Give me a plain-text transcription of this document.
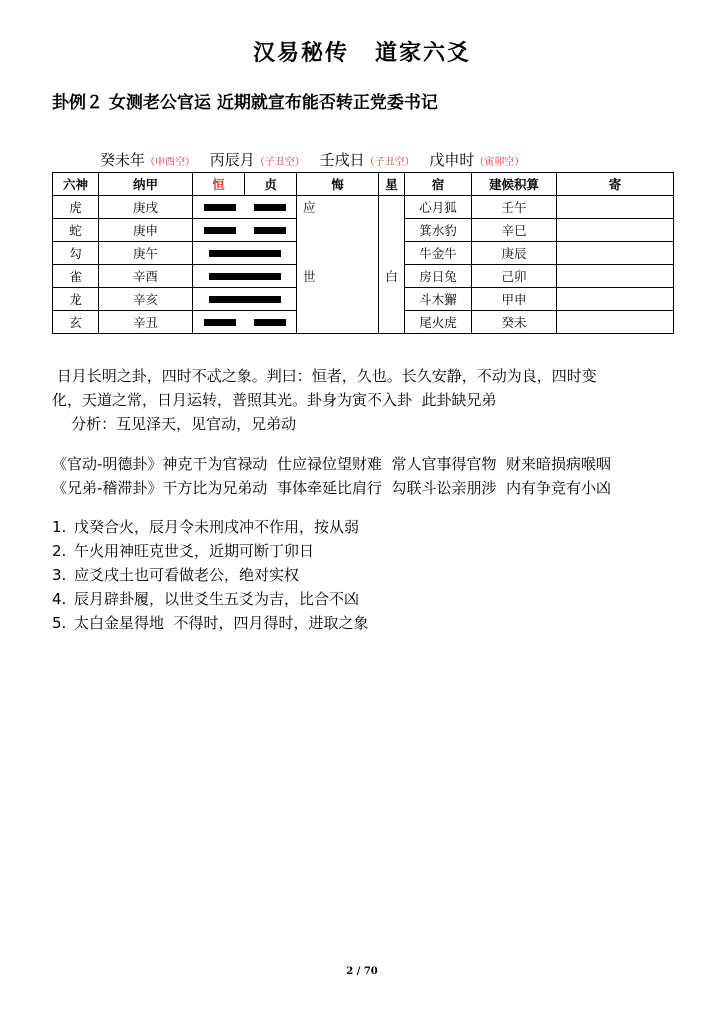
汉易秘传 道家六爻
卦例２ 女测老公官运 近期就宣布能否转正党委书记
癸未年（申酉空） 丙辰月（子丑空） 壬戌日（子丑空） 戊申时（寅卯空）
六神	纳甲	恒	贞	悔	星	宿	建候积算	寄
虎	庚戌			应		心月狐	壬午	
蛇	庚申					箕水豹	辛巳	
勾	庚午					牛金牛	庚辰	
雀	辛酉			世	白	房日兔	己卯	
龙	辛亥					斗木獬	甲申	
玄	辛丑					尾火虎	癸未	
日月长明之卦，四时不忒之象。判曰：恒者，久也。长久安静，不动为良，四时变
化，天道之常，日月运转，普照其光。卦身为寅不入卦  此卦缺兄弟
分析：互见泽天，见官动，兄弟动
《官动-明德卦》神克干为官禄动  仕应禄位望财难  常人官事得官物  财来暗损病喉咽
《兄弟-稽滞卦》干方比为兄弟动  事体牵延比肩行  勾联斗讼亲朋涉  内有争竞有小凶
1. 戊癸合火，辰月令未刑戌冲不作用，按从弱
2. 午火用神旺克世爻，近期可断丁卯日
3. 应爻戌土也可看做老公，绝对实权
4. 辰月辟卦履，以世爻生五爻为吉，比合不凶
5. 太白金星得地  不得时，四月得时，进取之象
2 / 70
